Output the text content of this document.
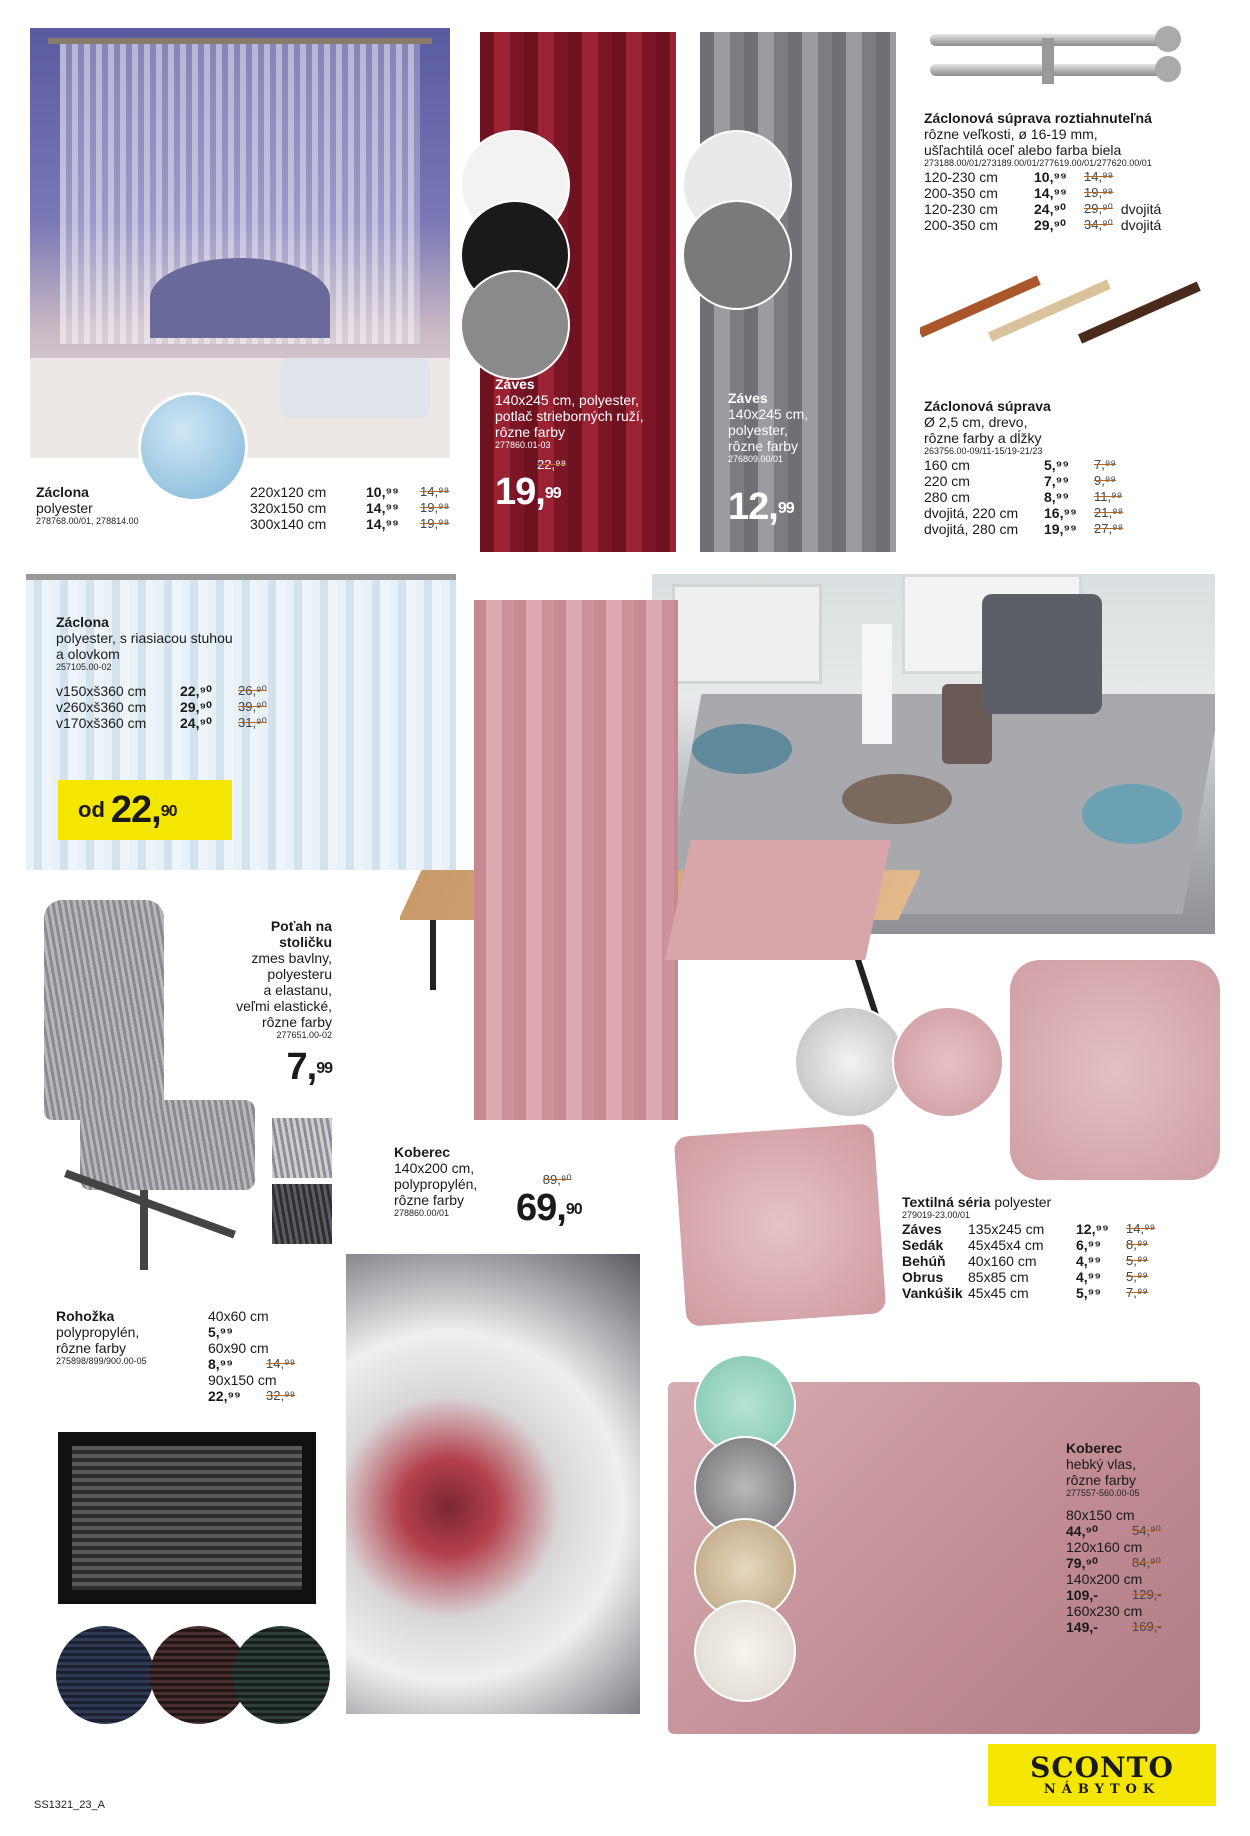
Záclona
polyester
278768.00/01, 278814.00
220x120 cm	10,⁹⁹	14,⁹⁹
320x150 cm	14,⁹⁹	19,⁹⁹
300x140 cm	14,⁹⁹	19,⁹⁹
Záves
140x245 cm, polyester,
potlač strieborných ruží,
rôzne farby
277860.01-03
22,⁹⁹
19,99
Záves
140x245 cm,
polyester,
rôzne farby
276809.00/01
12,99
Záclonová súprava roztiahnuteľná
rôzne veľkosti, ø 16-19 mm,
ušľachtilá oceľ alebo farba biela
273188.00/01/273189.00/01/277619.00/01/277620.00/01
120-230 cm	10,⁹⁹	14,⁹⁹
200-350 cm	14,⁹⁹	19,⁹⁹
120-230 cm	24,⁹⁰	29,⁹⁰ dvojitá
200-350 cm	29,⁹⁰	34,⁹⁰ dvojitá
Záclonová súprava
Ø 2,5 cm, drevo,
rôzne farby a dĺžky
263756.00-09/11-15/19-21/23
160 cm	5,⁹⁹	7,⁹⁹
220 cm	7,⁹⁹	9,⁹⁹
280 cm	8,⁹⁹	11,⁹⁹
dvojitá, 220 cm	16,⁹⁹	21,⁹⁹
dvojitá, 280 cm	19,⁹⁹	27,⁹⁹
Záclona
polyester, s riasiacou stuhou
a olovkom
257105.00-02
v150xš360 cm	22,⁹⁰	26,⁹⁰
v260xš360 cm	29,⁹⁰	39,⁹⁰
v170xš360 cm	24,⁹⁰	31,⁹⁰
od 22,90
Poťah na
stoličku
zmes bavlny,
polyesteru
a elastanu,
veľmi elastické,
rôzne farby
277651.00-02
7,99
Koberec
140x200 cm,
polypropylén,
rôzne farby
278860.00/01
89,⁹⁰
69,90	Textilná séria polyester
279019-23.00/01
Záves	135x245 cm	12,⁹⁹	14,⁹⁹
Sedák	45x45x4 cm	6,⁹⁹	8,⁹⁹
Behúň	40x160 cm	4,⁹⁹	5,⁹⁹
Obrus	85x85 cm	4,⁹⁹	5,⁹⁹
Vankúšik 45x45 cm	5,⁹⁹	7,⁹⁹
Rohožka
polypropylén,
rôzne farby
275898/899/900.00-05
40x60 cm
5,⁹⁹
60x90 cm
8,⁹⁹	14,⁹⁹
90x150 cm
22,⁹⁹	32,⁹⁹
Koberec
hebký vlas,
rôzne farby
277557-560.00-05
80x150 cm
44,⁹⁰	54,⁹⁰
120x160 cm
79,⁹⁰	84,⁹⁰
140x200 cm
109,-	129,-
160x230 cm
149,-	169,-
SS1321_23_A
SCONTO
NÁBYTOK
